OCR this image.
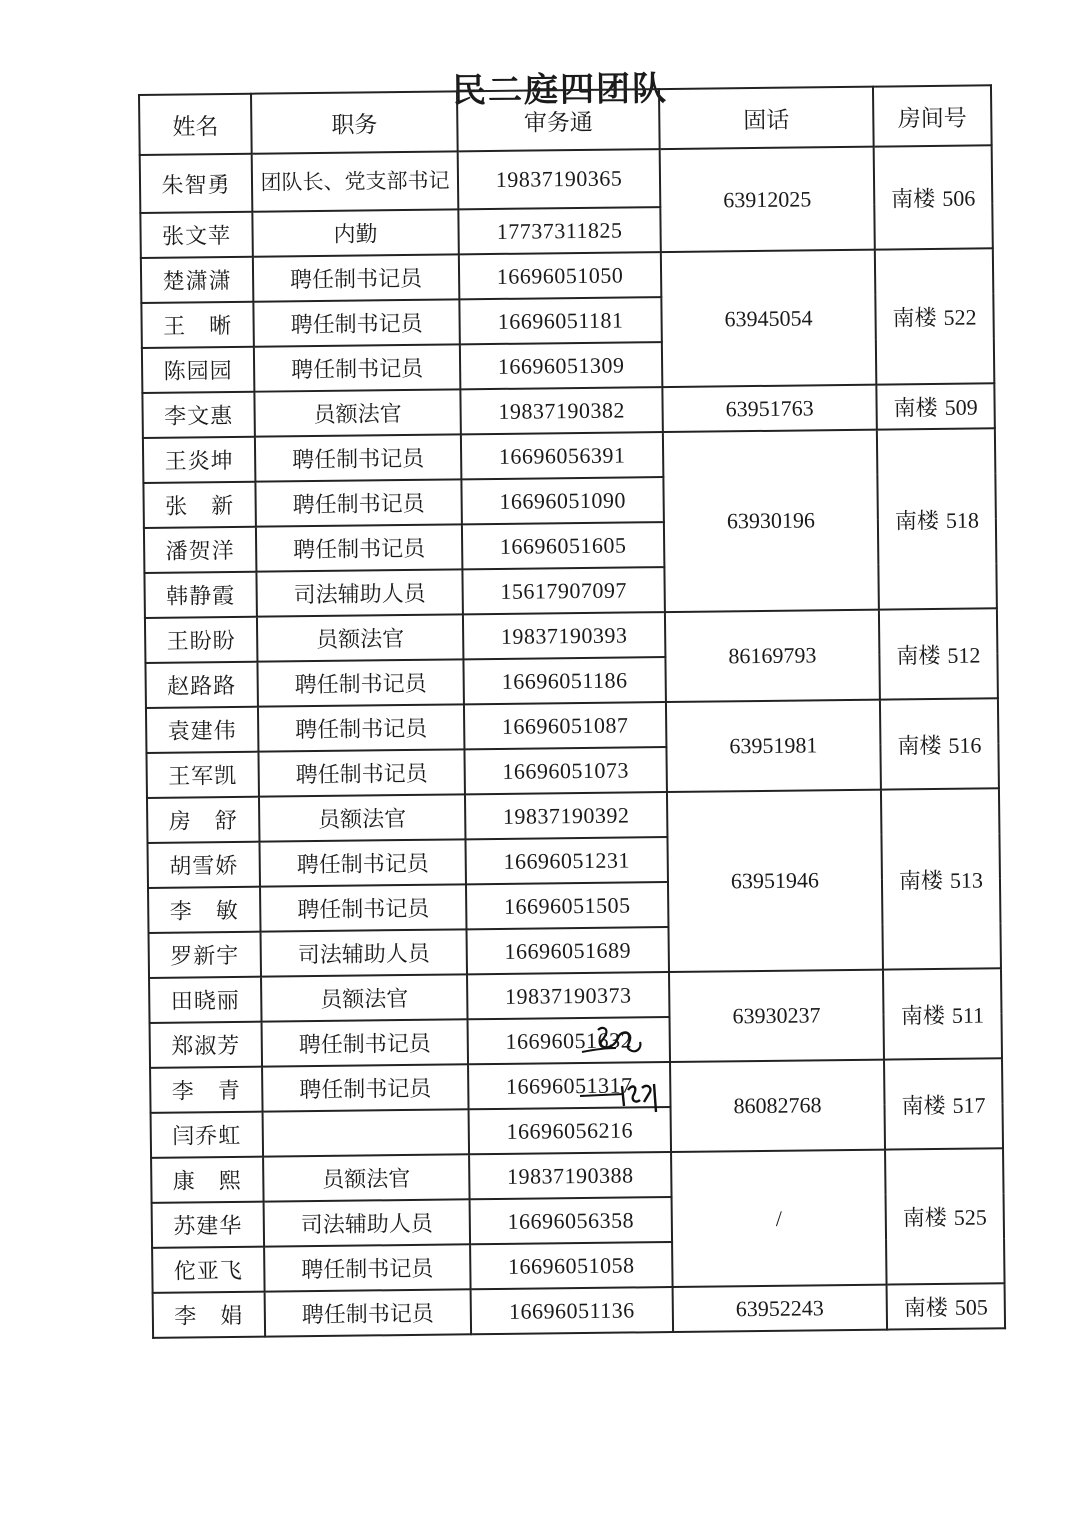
民二庭四团队
姓名	职务	审务通	固话	房间号
朱智勇	团队长、党支部书记	19837190365	63912025	南楼 506
张文苹	内勤	17737311825		
楚潇潇	聘任制书记员	16696051050	63945054	南楼 522
王　晰	聘任制书记员	16696051181		
陈园园	聘任制书记员	16696051309		
李文惠	员额法官	19837190382	63951763	南楼 509
王炎坤	聘任制书记员	16696056391	63930196	南楼 518
张　新	聘任制书记员	16696051090		
潘贺洋	聘任制书记员	16696051605		
韩静霞	司法辅助人员	15617907097		
王盼盼	员额法官	19837190393	86169793	南楼 512
赵路路	聘任制书记员	16696051186		
袁建伟	聘任制书记员	16696051087	63951981	南楼 516
王军凯	聘任制书记员	16696051073		
房　舒	员额法官	19837190392	63951946	南楼 513
胡雪娇	聘任制书记员	16696051231		
李　敏	聘任制书记员	16696051505		
罗新宇	司法辅助人员	16696051689		
田晓丽	员额法官	19837190373	63930237	南楼 511
郑淑芳	聘任制书记员	16696051632		
李　青	聘任制书记员	16696051317	86082768	南楼 517
闫乔虹		16696056216		
康　熙	员额法官	19837190388	/	南楼 525
苏建华	司法辅助人员	16696056358		
佗亚飞	聘任制书记员	16696051058		
李　娟	聘任制书记员	16696051136	63952243	南楼 505
